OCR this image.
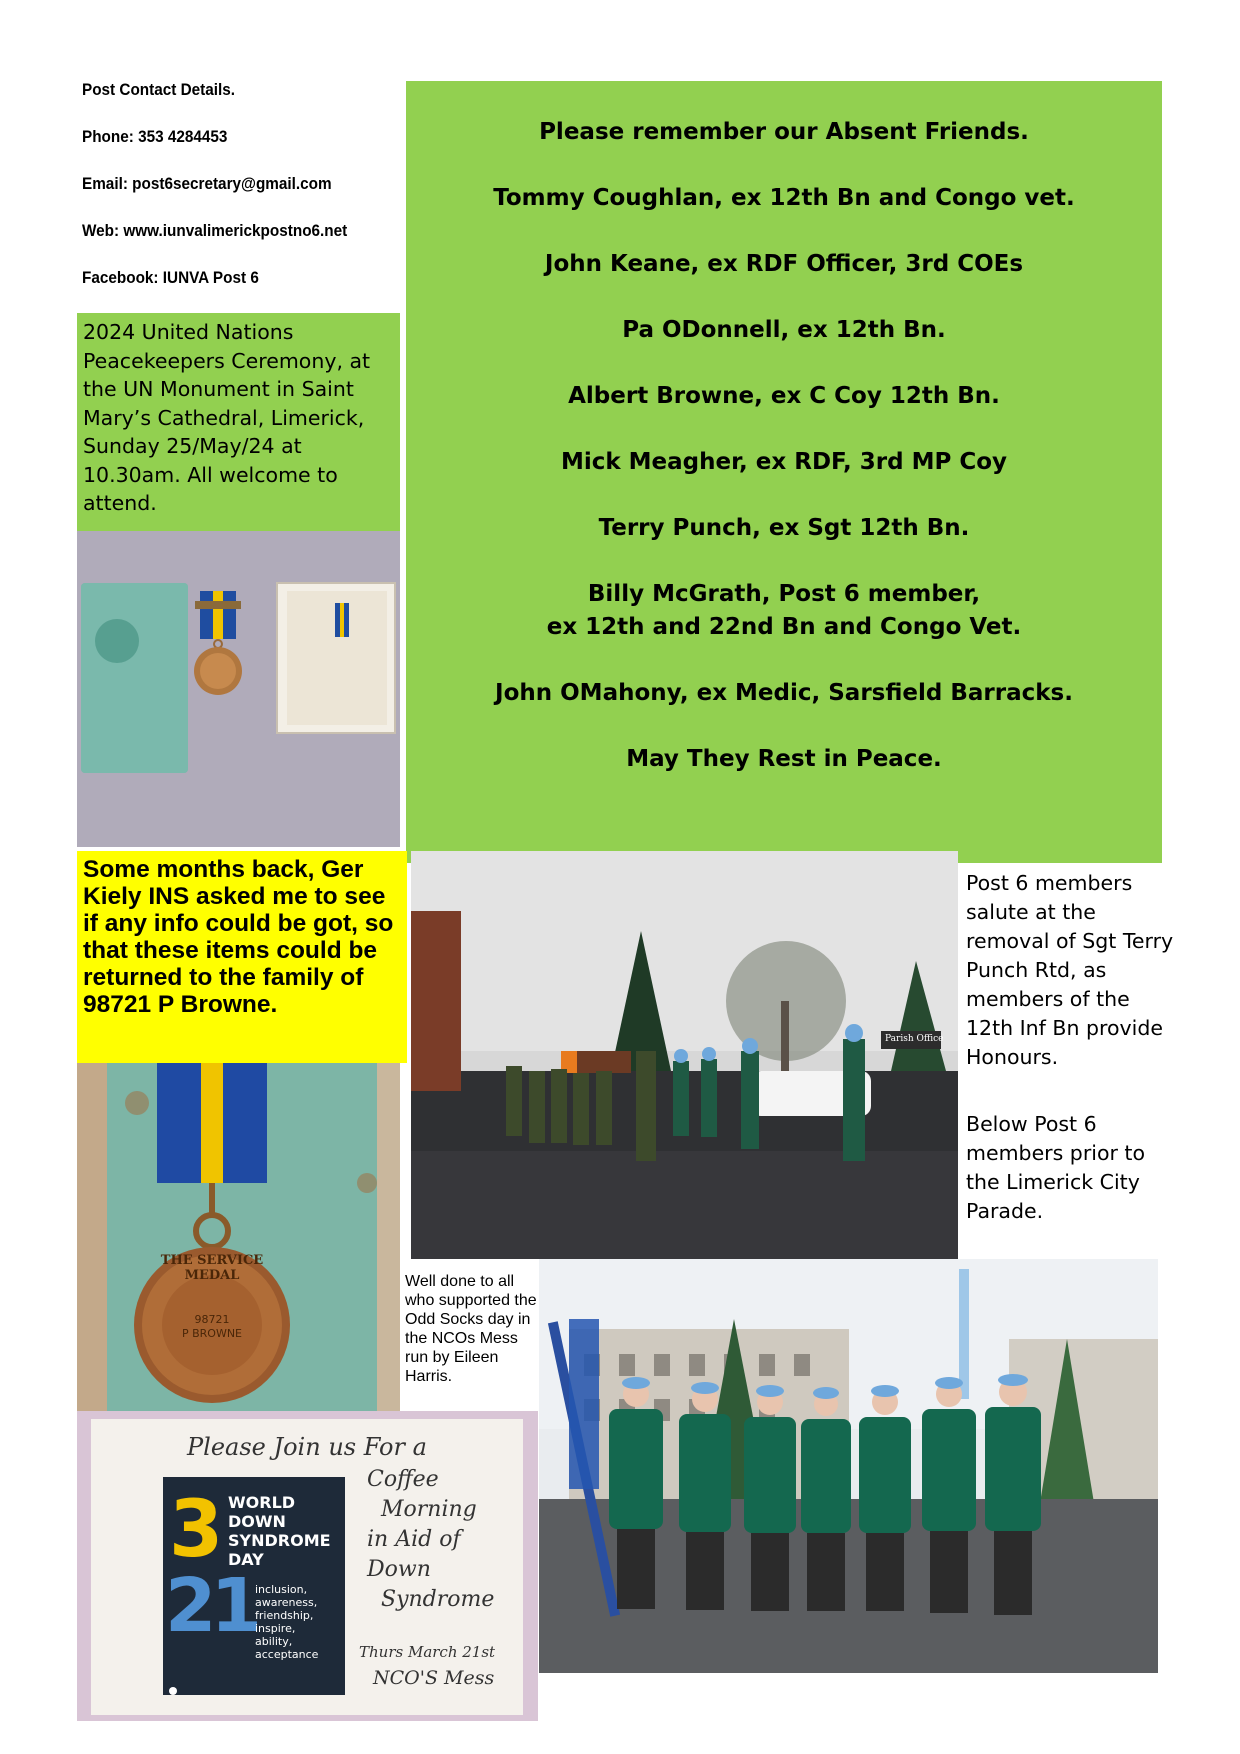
Post Contact Details.

Phone: 353 4284453

Email: post6secretary@gmail.com

Web: www.iunvalimerickpostno6.net

Facebook: IUNVA Post 6

Please remember our Absent Friends.
Tommy Coughlan, ex 12th Bn and Congo vet.
John Keane, ex RDF Officer, 3rd COEs
Pa ODonnell, ex 12th Bn.
Albert Browne, ex C Coy 12th Bn.
Mick Meagher, ex RDF, 3rd MP Coy
Terry Punch, ex Sgt 12th Bn.
Billy McGrath, Post 6 member,
ex 12th and 22nd Bn and Congo Vet.
John OMahony, ex Medic, Sarsfield Barracks.
May They Rest in Peace.

2024 United Nations Peacekeepers Ceremony, at the UN Monument in Saint Mary’s Cathedral, Limerick, Sunday 25/May/24 at 10.30am. All welcome to attend.

Some months back, Ger Kiely INS asked me to see if any info could be got, so that these items could be returned to the family of 98721 P Browne.

THE SERVICE MEDAL
98721
P BROWNE
Please Join us For a
WORLD
DOWN
SYNDROME
DAY
3
21 inclusion,
awareness,
friendship,
inspire,
ability,
acceptance
Coffee
Morning
in Aid of
Down
Syndrome
Thurs March 21st
NCO'S Mess
Parish Office
Post 6 members salute at the removal of Sgt Terry Punch Rtd, as members of the 12th Inf Bn provide Honours.
Below Post 6 members prior to the Limerick City Parade.
Well done to all who supported the Odd Socks day in the NCOs Mess run by Eileen Harris.
